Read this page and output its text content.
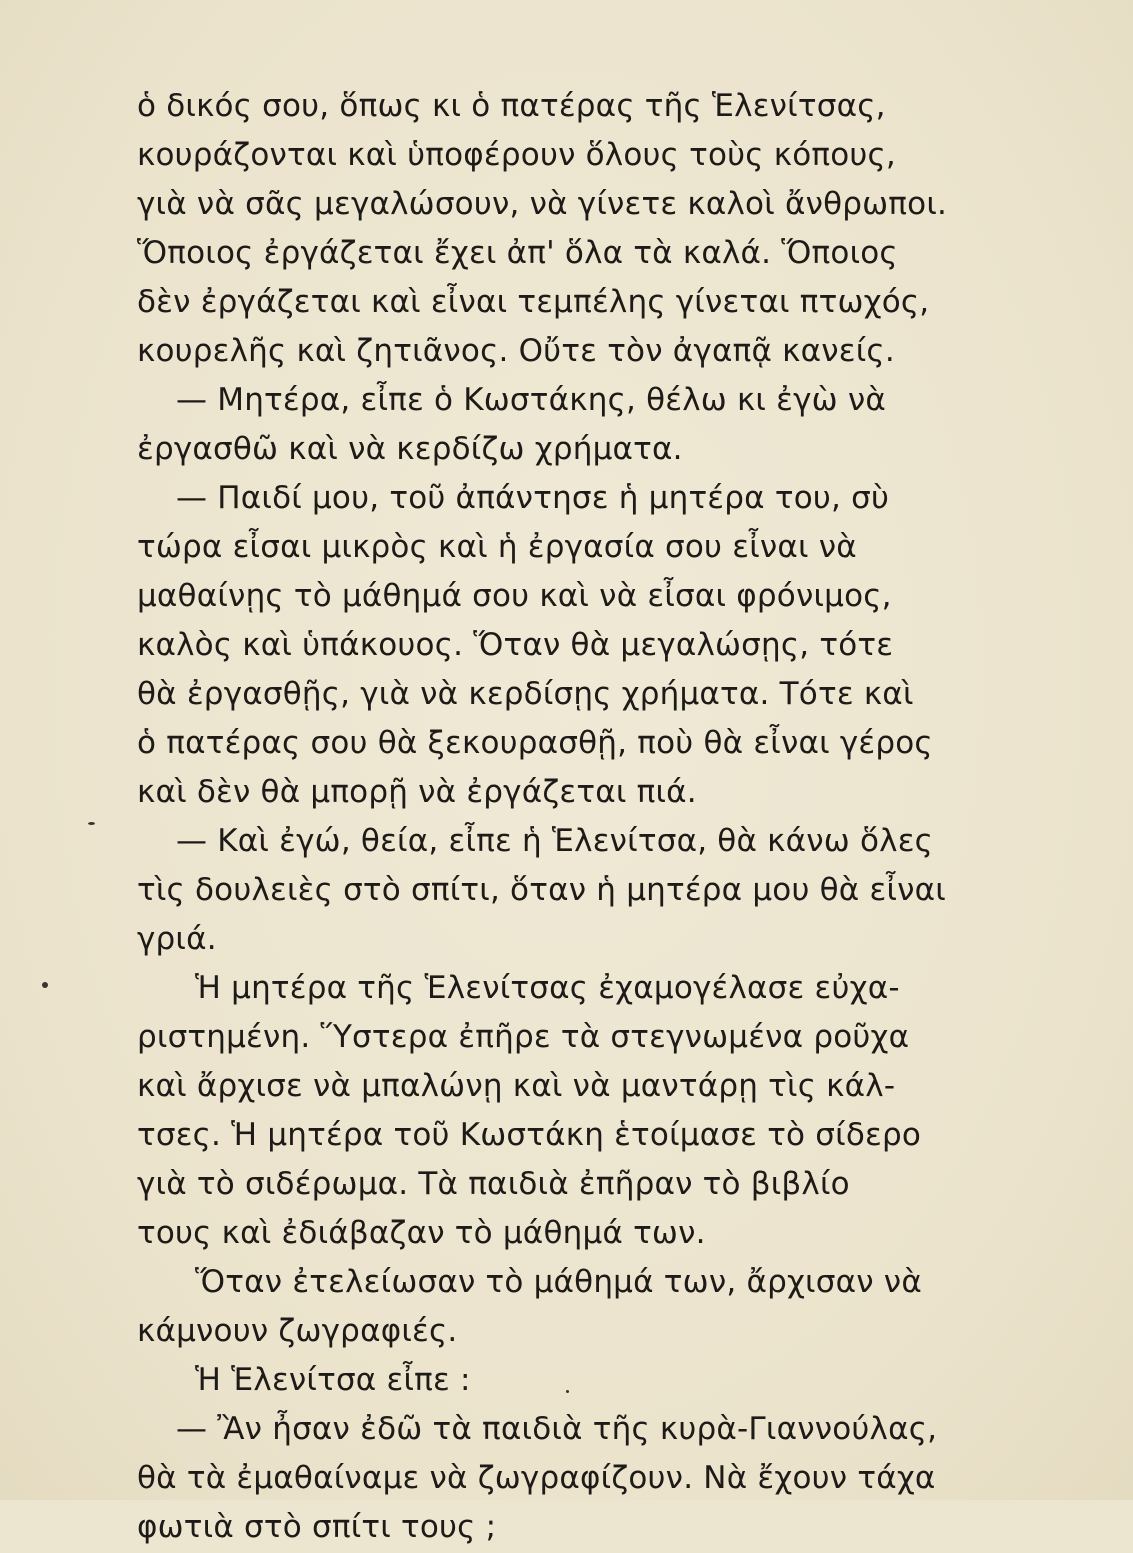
ὁ δικός σου, ὅπως κι ὁ πατέρας τῆς Ἑλενίτσας,
κουράζονται καὶ ὑποφέρουν ὅλους τοὺς κόπους,
γιὰ νὰ σᾶς μεγαλώσουν, νὰ γίνετε καλοὶ ἄνθρωποι.
Ὅποιος ἐργάζεται ἔχει ἀπ' ὅλα τὰ καλά. Ὅποιος
δὲν ἐργάζεται καὶ εἶναι τεμπέλης γίνεται πτωχός,
κουρελῆς καὶ ζητιᾶνος. Οὔτε τὸν ἀγαπᾷ κανείς.
— Μητέρα, εἶπε ὁ Κωστάκης, θέλω κι ἐγὼ νὰ
ἐργασθῶ καὶ νὰ κερδίζω χρήματα.
— Παιδί μου, τοῦ ἀπάντησε ἡ μητέρα του, σὺ
τώρα εἶσαι μικρὸς καὶ ἡ ἐργασία σου εἶναι νὰ
μαθαίνῃς τὸ μάθημά σου καὶ νὰ εἶσαι φρόνιμος,
καλὸς καὶ ὑπάκουος. Ὅταν θὰ μεγαλώσῃς, τότε
θὰ ἐργασθῇς, γιὰ νὰ κερδίσῃς χρήματα. Τότε καὶ
ὁ πατέρας σου θὰ ξεκουρασθῇ, ποὺ θὰ εἶναι γέρος
καὶ δὲν θὰ μπορῇ νὰ ἐργάζεται πιά.
— Καὶ ἐγώ, θεία, εἶπε ἡ Ἑλενίτσα, θὰ κάνω ὅλες
τὶς δουλειὲς στὸ σπίτι, ὅταν ἡ μητέρα μου θὰ εἶναι
γριά.
Ἡ μητέρα τῆς Ἑλενίτσας ἐχαμογέλασε εὐχα-
ριστημένη. Ὕστερα ἐπῆρε τὰ στεγνωμένα ροῦχα
καὶ ἄρχισε νὰ μπαλώνῃ καὶ νὰ μαντάρῃ τὶς κάλ-
τσες. Ἡ μητέρα τοῦ Κωστάκη ἑτοίμασε τὸ σίδερο
γιὰ τὸ σιδέρωμα. Τὰ παιδιὰ ἐπῆραν τὸ βιβλίο
τους καὶ ἐδιάβαζαν τὸ μάθημά των.
Ὅταν ἐτελείωσαν τὸ μάθημά των, ἄρχισαν νὰ
κάμνουν ζωγραφιές.
Ἡ Ἑλενίτσα εἶπε :
— Ἂν ἦσαν ἐδῶ τὰ παιδιὰ τῆς κυρὰ-Γιαννούλας,
θὰ τὰ ἐμαθαίναμε νὰ ζωγραφίζουν. Νὰ ἔχουν τάχα
φωτιὰ στὸ σπίτι τους ;
